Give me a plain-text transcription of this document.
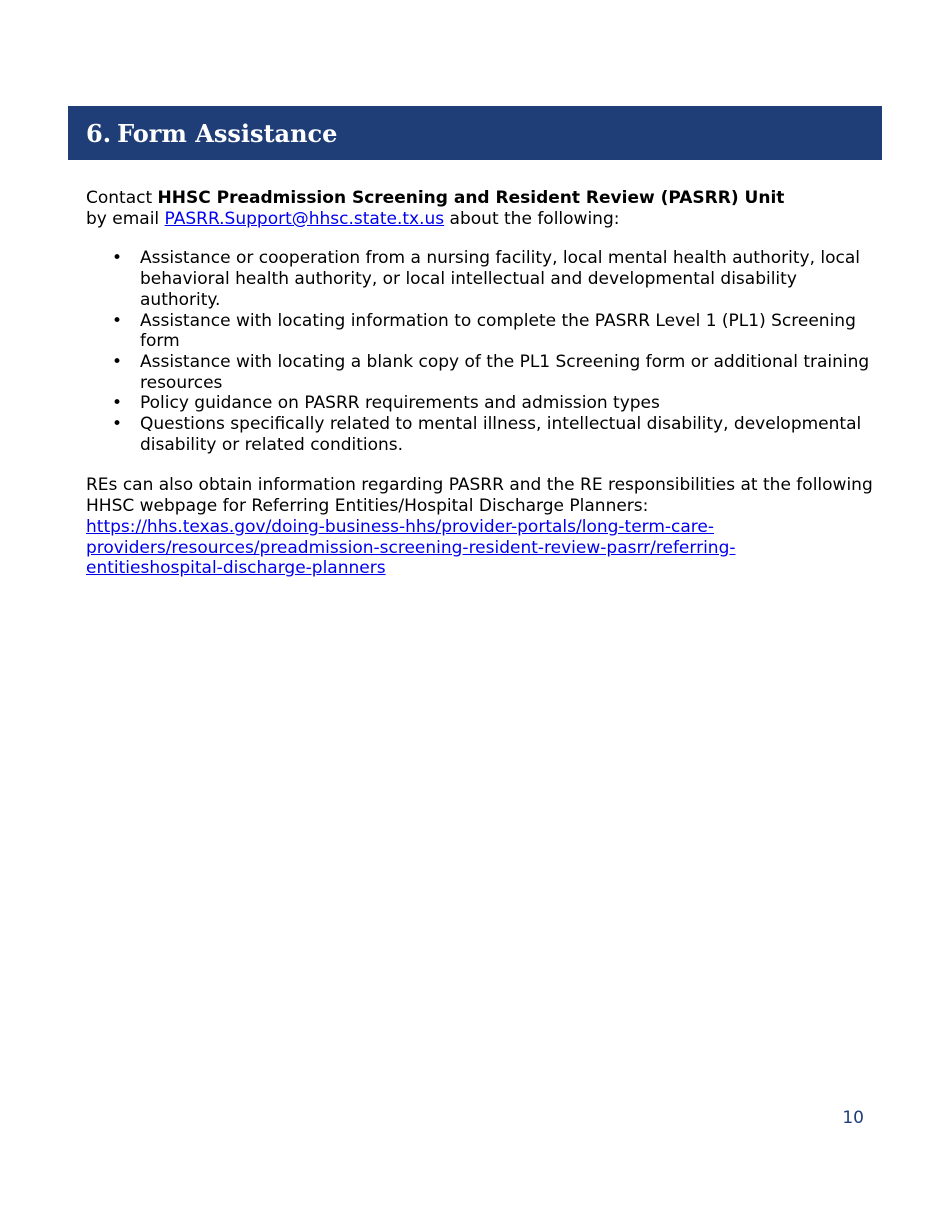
6. Form Assistance

Contact HHSC Preadmission Screening and Resident Review (PASRR) Unit
by email PASRR.Support@hhsc.state.tx.us about the following:

• Assistance or cooperation from a nursing facility, local mental health authority, local behavioral health authority, or local intellectual and developmental disability authority.
• Assistance with locating information to complete the PASRR Level 1 (PL1) Screening form
• Assistance with locating a blank copy of the PL1 Screening form or additional training resources
• Policy guidance on PASRR requirements and admission types
• Questions specifically related to mental illness, intellectual disability, developmental disability or related conditions.

REs can also obtain information regarding PASRR and the RE responsibilities at the following HHSC webpage for Referring Entities/Hospital Discharge Planners:
https://hhs.texas.gov/doing-business-hhs/provider-portals/long-term-care-
providers/resources/preadmission-screening-resident-review-pasrr/referring-
entitieshospital-discharge-planners

10
